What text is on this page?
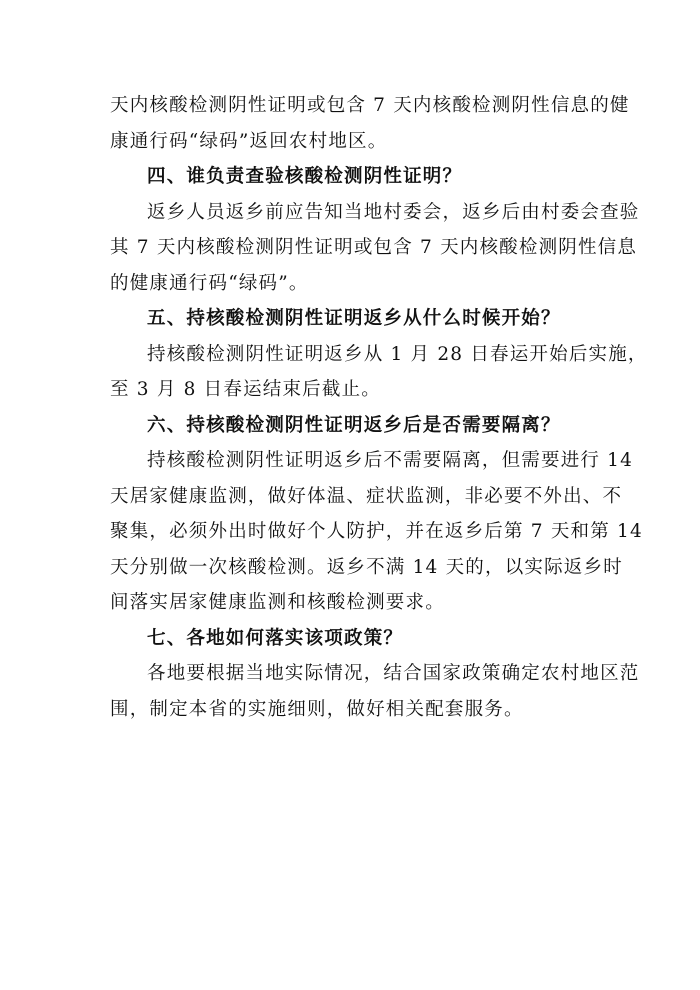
天内核酸检测阴性证明或包含 7 天内核酸检测阴性信息的健
康通行码“绿码”返回农村地区。
四、谁负责查验核酸检测阴性证明？
返乡人员返乡前应告知当地村委会，返乡后由村委会查验
其 7 天内核酸检测阴性证明或包含 7 天内核酸检测阴性信息
的健康通行码“绿码”。
五、持核酸检测阴性证明返乡从什么时候开始？
持核酸检测阴性证明返乡从 1 月 28 日春运开始后实施，
至 3 月 8 日春运结束后截止。
六、持核酸检测阴性证明返乡后是否需要隔离？
持核酸检测阴性证明返乡后不需要隔离，但需要进行 14
天居家健康监测，做好体温、症状监测，非必要不外出、不
聚集，必须外出时做好个人防护，并在返乡后第 7 天和第 14
天分别做一次核酸检测。返乡不满 14 天的，以实际返乡时
间落实居家健康监测和核酸检测要求。
七、各地如何落实该项政策？
各地要根据当地实际情况，结合国家政策确定农村地区范
围，制定本省的实施细则，做好相关配套服务。
